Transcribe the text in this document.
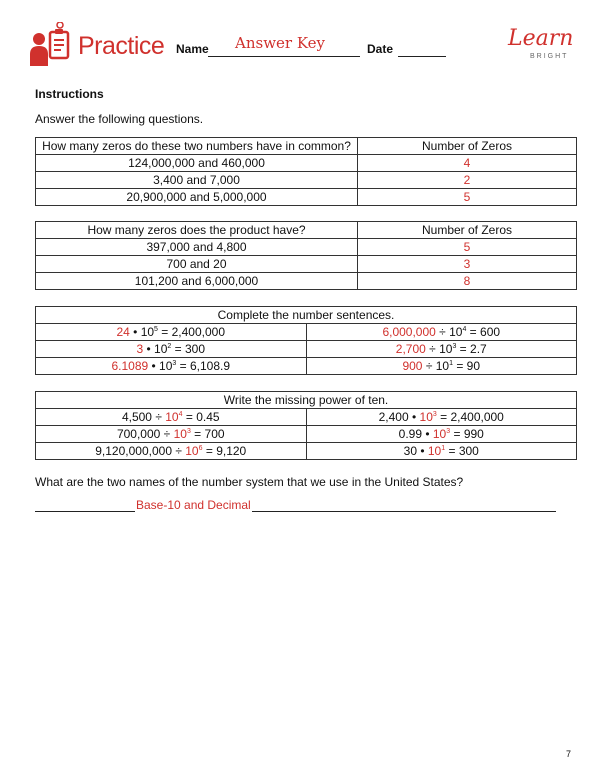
Practice Name Answer Key	Date	Learn
BRIGHT
Instructions
Answer the following questions.
How many zeros do these two numbers have in common?	Number of Zeros
124,000,000 and 460,000	4
3,400 and 7,000	2
20,900,000 and 5,000,000	5
How many zeros does the product have?	Number of Zeros
397,000 and 4,800	5
700 and 20	3
101,200 and 6,000,000	8
Complete the number sentences.	
24 • $10^5 = 2,400,000$	$6,000,000 \div 10^4 = 600$
3 • $10^2 = 300$	$2,700 \div 10^3 = 2.7$
6.1089 • $10^3 = 6,108.9$	$900 \div 10^1 = 90$
Write the missing power of ten.	
$4,500 \div 10^4 = 0.45$	2,400 • $10^3 = 2,400,000$
$700,000 \div 10^3 = 700$	0.99 • $10^3 = 990$
$9,120,000,000 \div 10^6 = 9,120$	30 • $10^1 = 300$
What are the two names of the number system that we use in the United States?
Base-10 and Decimal
7
